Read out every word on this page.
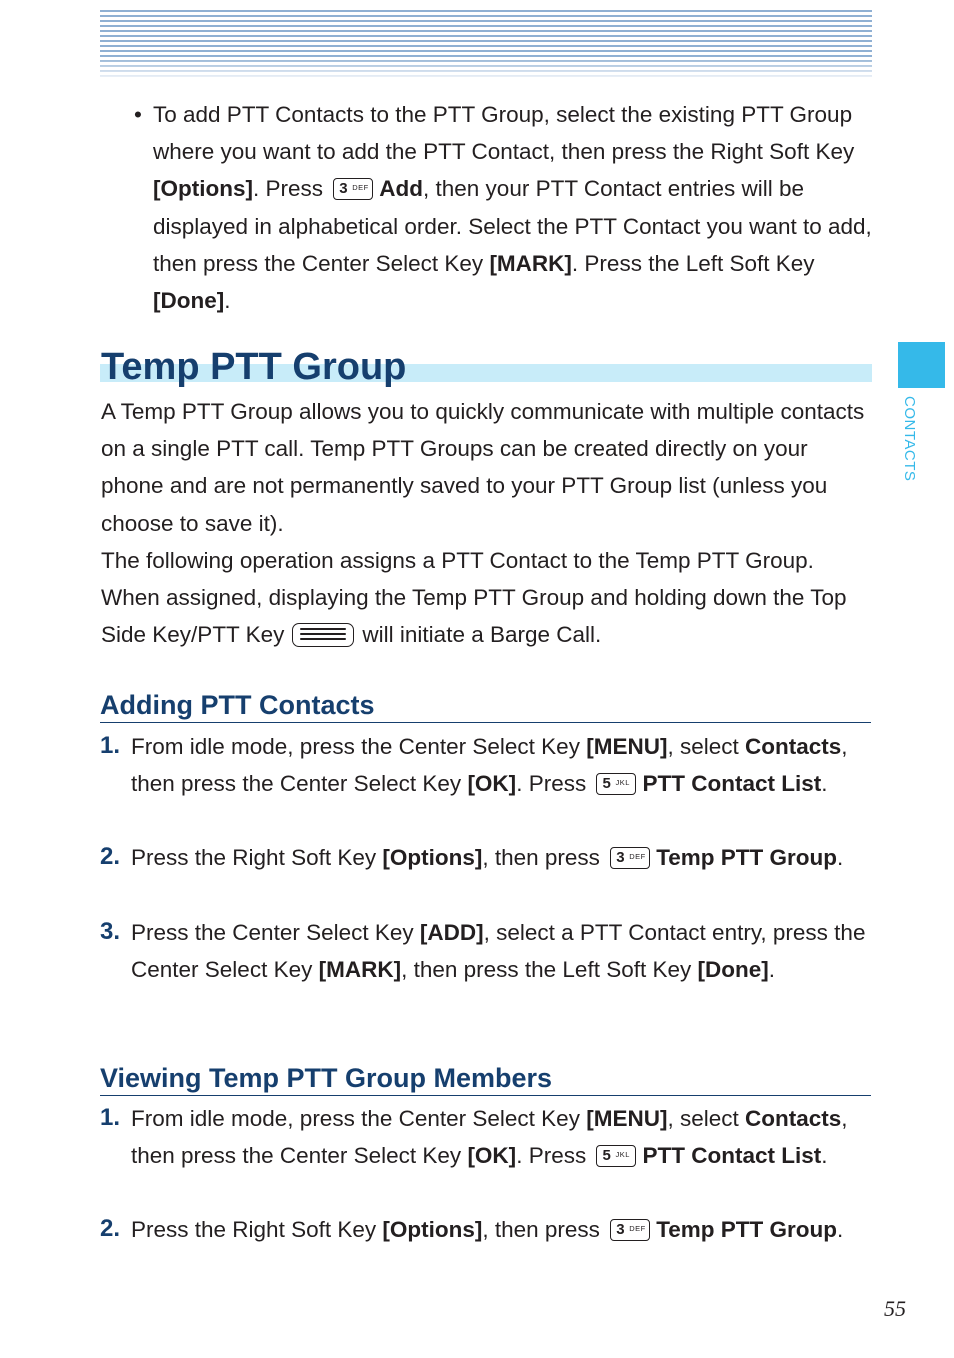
CONTACTS
• To add PTT Contacts to the PTT Group, select the existing PTT Group where you want to add the PTT Contact, then press the Right Soft Key [Options]. Press 3 DEF Add, then your PTT Contact entries will be displayed in alphabetical order. Select the PTT Contact you want to add, then press the Center Select Key [MARK]. Press the Left Soft Key [Done].
Temp PTT Group
A Temp PTT Group allows you to quickly communicate with multiple contacts on a single PTT call. Temp PTT Groups can be created directly on your phone and are not permanently saved to your PTT Group list (unless you choose to save it).
The following operation assigns a PTT Contact to the Temp PTT Group. When assigned, displaying the Temp PTT Group and holding down the Top Side Key/PTT Key	will initiate a Barge Call.
Adding PTT Contacts
1. From idle mode, press the Center Select Key [MENU], select Contacts, then press the Center Select Key [OK]. Press 5 JKL PTT Contact List.
2. Press the Right Soft Key [Options], then press 3 DEF Temp PTT Group.
3. Press the Center Select Key [ADD], select a PTT Contact entry, press the Center Select Key [MARK], then press the Left Soft Key [Done].
Viewing Temp PTT Group Members
1. From idle mode, press the Center Select Key [MENU], select Contacts, then press the Center Select Key [OK]. Press 5 JKL PTT Contact List.
2. Press the Right Soft Key [Options], then press 3 DEF Temp PTT Group.
55
